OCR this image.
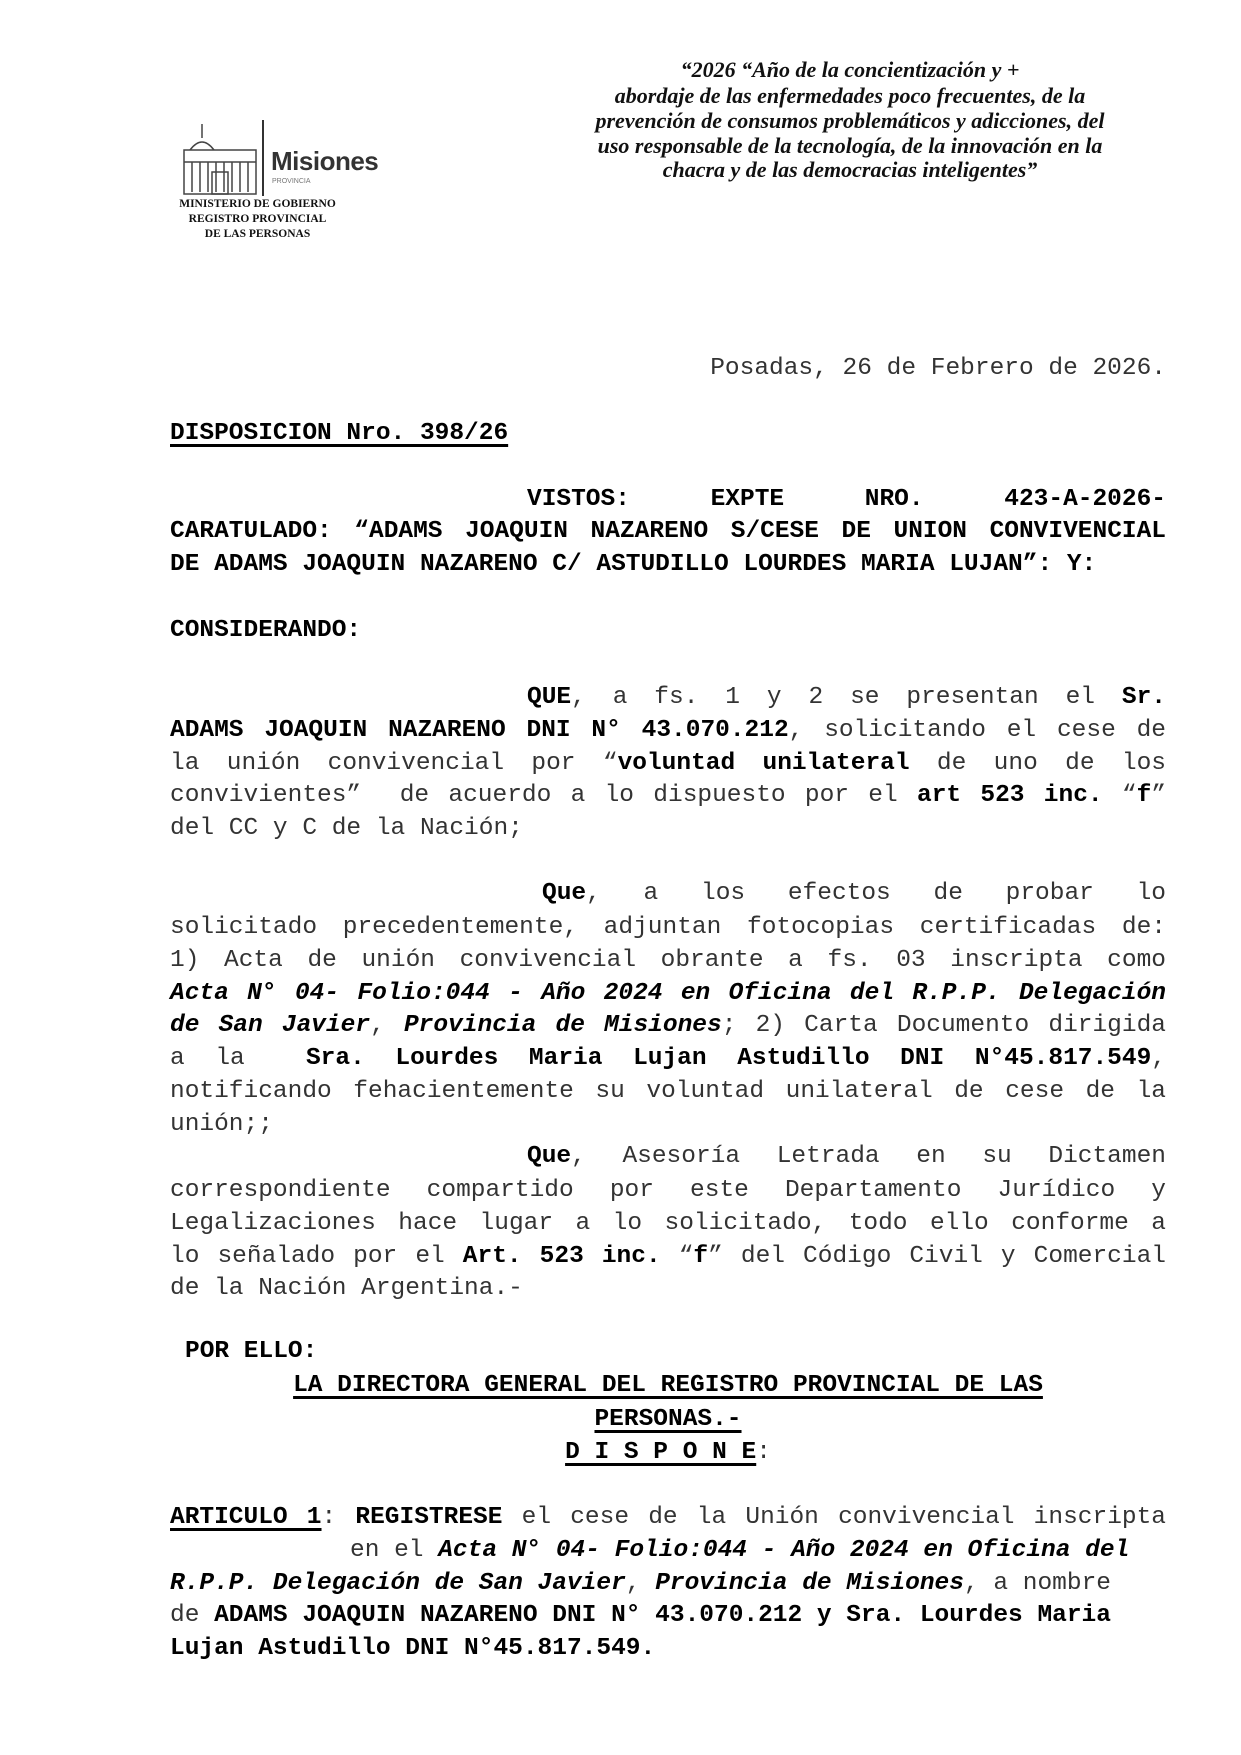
“2026 “Año de la concientización y +
abordaje de las enfermedades poco frecuentes, de la
prevención de consumos problemáticos y adicciones, del
uso responsable de la tecnología, de la innovación en la
chacra y de las democracias inteligentes”
Misiones
PROVINCIA
MINISTERIO DE GOBIERNO
REGISTRO PROVINCIAL
DE LAS PERSONAS
Posadas, 26 de Febrero de 2026.
DISPOSICION Nro. 398/26
VISTOS: EXPTE NRO. 423-A-2026-
CARATULADO: “ADAMS JOAQUIN NAZARENO S/CESE DE UNION CONVIVENCIAL
DE ADAMS JOAQUIN NAZARENO C/ ASTUDILLO LOURDES MARIA LUJAN”: Y:
CONSIDERANDO:
QUE, a fs. 1 y 2 se presentan el Sr.
ADAMS JOAQUIN NAZARENO DNI N° 43.070.212, solicitando el cese de
la unión convivencial por “voluntad unilateral de uno de los
convivientes”  de acuerdo a lo dispuesto por el art 523 inc. “f”
del CC y C de la Nación;
Que, a los efectos de probar lo
solicitado precedentemente, adjuntan fotocopias certificadas de:
1) Acta de unión convivencial obrante a fs. 03 inscripta como
Acta N° 04- Folio:044 - Año 2024 en Oficina del R.P.P. Delegación
de San Javier, Provincia de Misiones; 2) Carta Documento dirigida
a la  Sra. Lourdes Maria Lujan Astudillo DNI N°45.817.549,
notificando fehacientemente su voluntad unilateral de cese de la
unión;;
Que, Asesoría Letrada en su Dictamen
correspondiente compartido por este Departamento Jurídico y
Legalizaciones hace lugar a lo solicitado, todo ello conforme a
lo señalado por el Art. 523 inc. “f” del Código Civil y Comercial
de la Nación Argentina.-
POR ELLO:
LA DIRECTORA GENERAL DEL REGISTRO PROVINCIAL DE LAS
PERSONAS.-
D I S P O N E:
ARTICULO 1: REGISTRESE el cese de la Unión convivencial inscripta
en el Acta N° 04- Folio:044 - Año 2024 en Oficina del
R.P.P. Delegación de San Javier, Provincia de Misiones, a nombre
de ADAMS JOAQUIN NAZARENO DNI N° 43.070.212 y Sra. Lourdes Maria
Lujan Astudillo DNI N°45.817.549.
